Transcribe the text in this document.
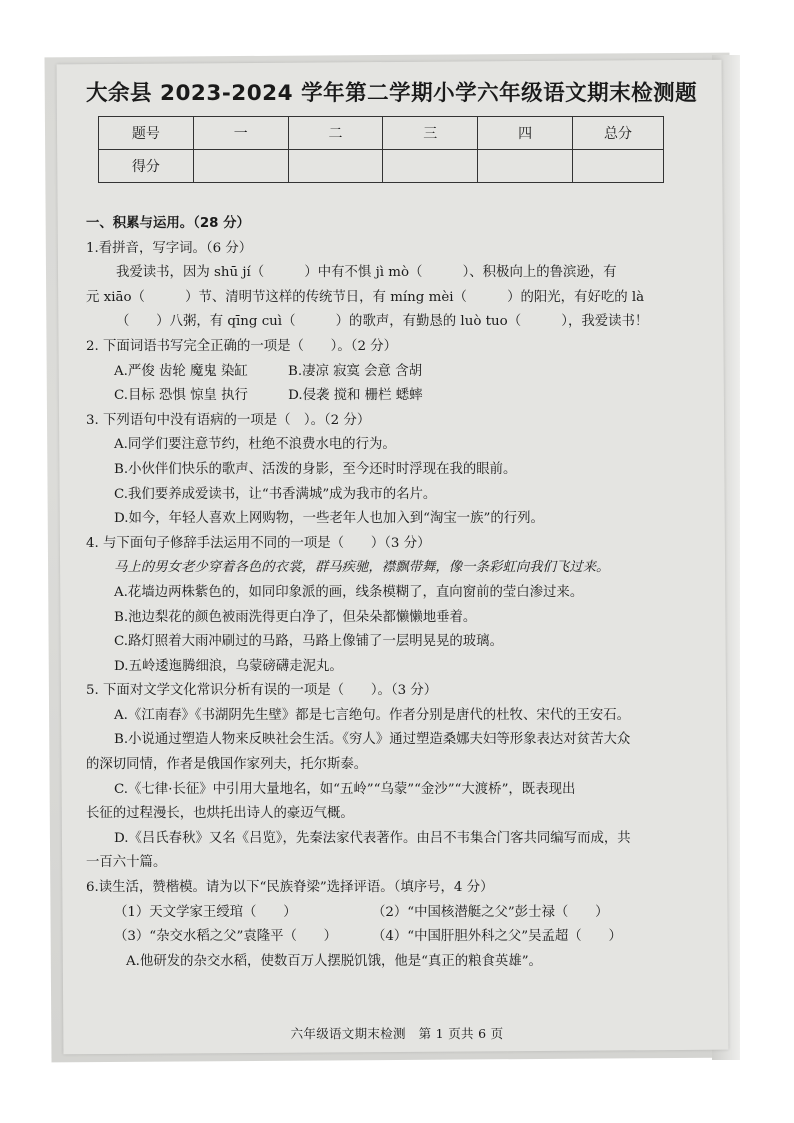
大余县 2023-2024 学年第二学期小学六年级语文期末检测题
题号	一	二	三	四	总分
得分					
一、积累与运用。（28 分）
1.看拼音，写字词。（6 分）
我爱读书，因为 shū jí（　　　）中有不惧 jì mò（　　　）、积极向上的鲁滨逊，有
元 xiāo（　　　）节、清明节这样的传统节日，有 míng mèi（　　　）的阳光，有好吃的 là
（　　）八粥，有 qīng cuì（　　　）的歌声，有勤恳的 luò tuo（　　　），我爱读书！
2. 下面词语书写完全正确的一项是（　　）。（2 分）
A.严俊 齿轮 魔鬼 染缸　　　B.凄凉 寂寞 会意 含胡
C.目标 恐惧 惊皇 执行　　　D.侵袭 搅和 栅栏 蟋蟀
3. 下列语句中没有语病的一项是（　）。（2 分）
A.同学们要注意节约，杜绝不浪费水电的行为。
B.小伙伴们快乐的歌声、活泼的身影，至今还时时浮现在我的眼前。
C.我们要养成爱读书，让“书香满城”成为我市的名片。
D.如今，年轻人喜欢上网购物，一些老年人也加入到“淘宝一族”的行列。
4. 与下面句子修辞手法运用不同的一项是（　　）（3 分）
马上的男女老少穿着各色的衣裳，群马疾驰，襟飘带舞，像一条彩虹向我们飞过来。
A.花墙边两株紫色的，如同印象派的画，线条模糊了，直向窗前的莹白渗过来。
B.池边梨花的颜色被雨洗得更白净了，但朵朵都懒懒地垂着。
C.路灯照着大雨冲刷过的马路，马路上像铺了一层明晃晃的玻璃。
D.五岭逶迤腾细浪，乌蒙磅礴走泥丸。
5. 下面对文学文化常识分析有误的一项是（　　）。（3 分）
A.《江南春》《书湖阴先生壁》都是七言绝句。作者分别是唐代的杜牧、宋代的王安石。
B.小说通过塑造人物来反映社会生活。《穷人》通过塑造桑娜夫妇等形象表达对贫苦大众
的深切同情，作者是俄国作家列夫，托尔斯泰。
C.《七律·长征》中引用大量地名，如“五岭”“乌蒙”“金沙”“大渡桥”，既表现出
长征的过程漫长，也烘托出诗人的豪迈气概。
D.《吕氏春秋》又名《吕览》，先秦法家代表著作。由吕不韦集合门客共同编写而成，共
一百六十篇。
6.读生活，赞楷模。请为以下“民族脊梁”选择评语。（填序号，4 分）
（1）天文学家王绶琯（　　）	（2）“中国核潜艇之父”彭士禄（　　）
（3）“杂交水稻之父”袁隆平（　　）	（4）“中国肝胆外科之父”吴孟超（　　）
A.他研发的杂交水稻，使数百万人摆脱饥饿，他是“真正的粮食英雄”。
六年级语文期末检测　第 1 页共 6 页
